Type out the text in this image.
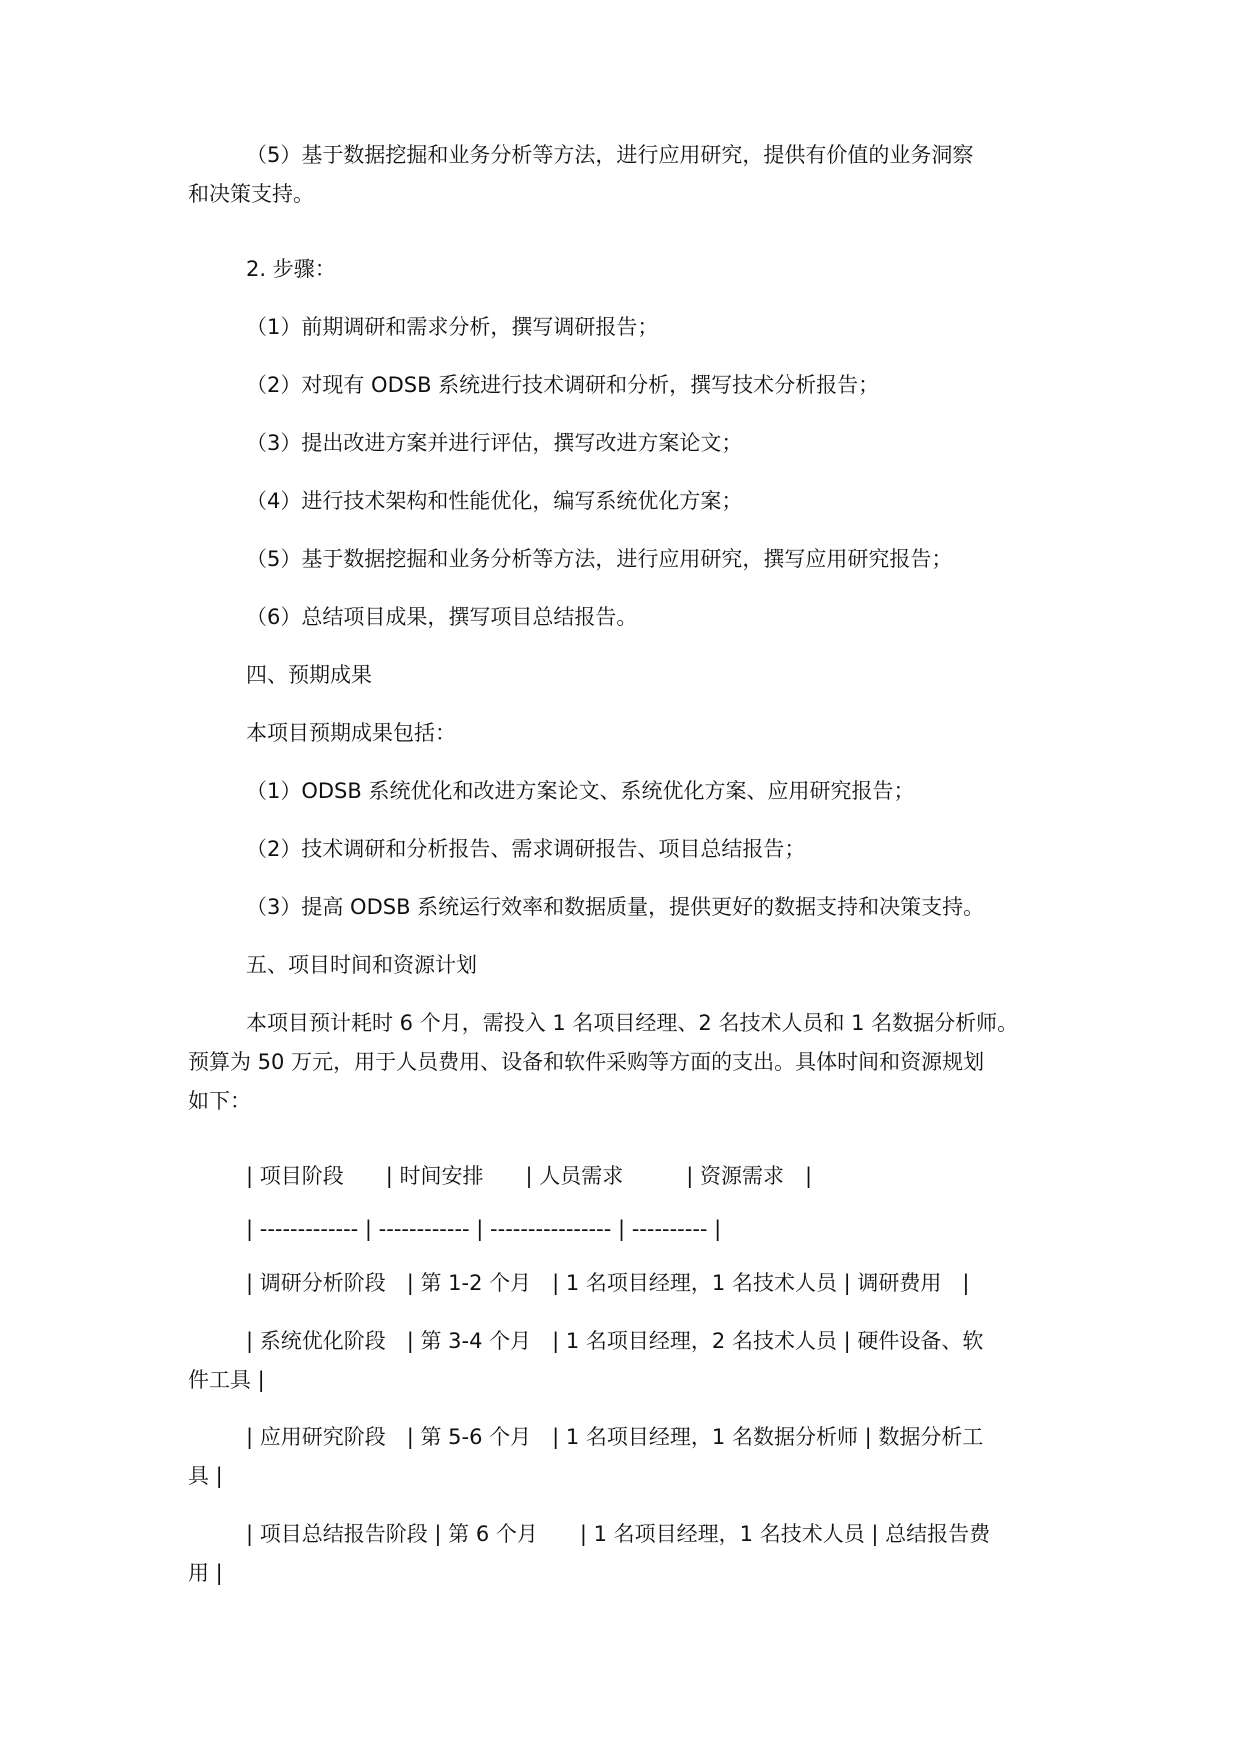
（5）基于数据挖掘和业务分析等方法，进行应用研究，提供有价值的业务洞察
和决策支持。
2. 步骤：
（1）前期调研和需求分析，撰写调研报告；
（2）对现有 ODSB 系统进行技术调研和分析，撰写技术分析报告；
（3）提出改进方案并进行评估，撰写改进方案论文；
（4）进行技术架构和性能优化，编写系统优化方案；
（5）基于数据挖掘和业务分析等方法，进行应用研究，撰写应用研究报告；
（6）总结项目成果，撰写项目总结报告。
四、预期成果
本项目预期成果包括：
（1）ODSB 系统优化和改进方案论文、系统优化方案、应用研究报告；
（2）技术调研和分析报告、需求调研报告、项目总结报告；
（3）提高 ODSB 系统运行效率和数据质量，提供更好的数据支持和决策支持。
五、项目时间和资源计划
本项目预计耗时 6 个月，需投入 1 名项目经理、2 名技术人员和 1 名数据分析师。
预算为 50 万元，用于人员费用、设备和软件采购等方面的支出。具体时间和资源规划
如下：
| 项目阶段　　| 时间安排　　| 人员需求　　　| 资源需求　|
| ------------- | ------------ | ---------------- | ---------- |
| 调研分析阶段　| 第 1-2 个月　| 1 名项目经理，1 名技术人员 | 调研费用　|
| 系统优化阶段　| 第 3-4 个月　| 1 名项目经理，2 名技术人员 | 硬件设备、软
件工具 |
| 应用研究阶段　| 第 5-6 个月　| 1 名项目经理，1 名数据分析师 | 数据分析工
具 |
| 项目总结报告阶段 | 第 6 个月　　| 1 名项目经理，1 名技术人员 | 总结报告费
用 |
